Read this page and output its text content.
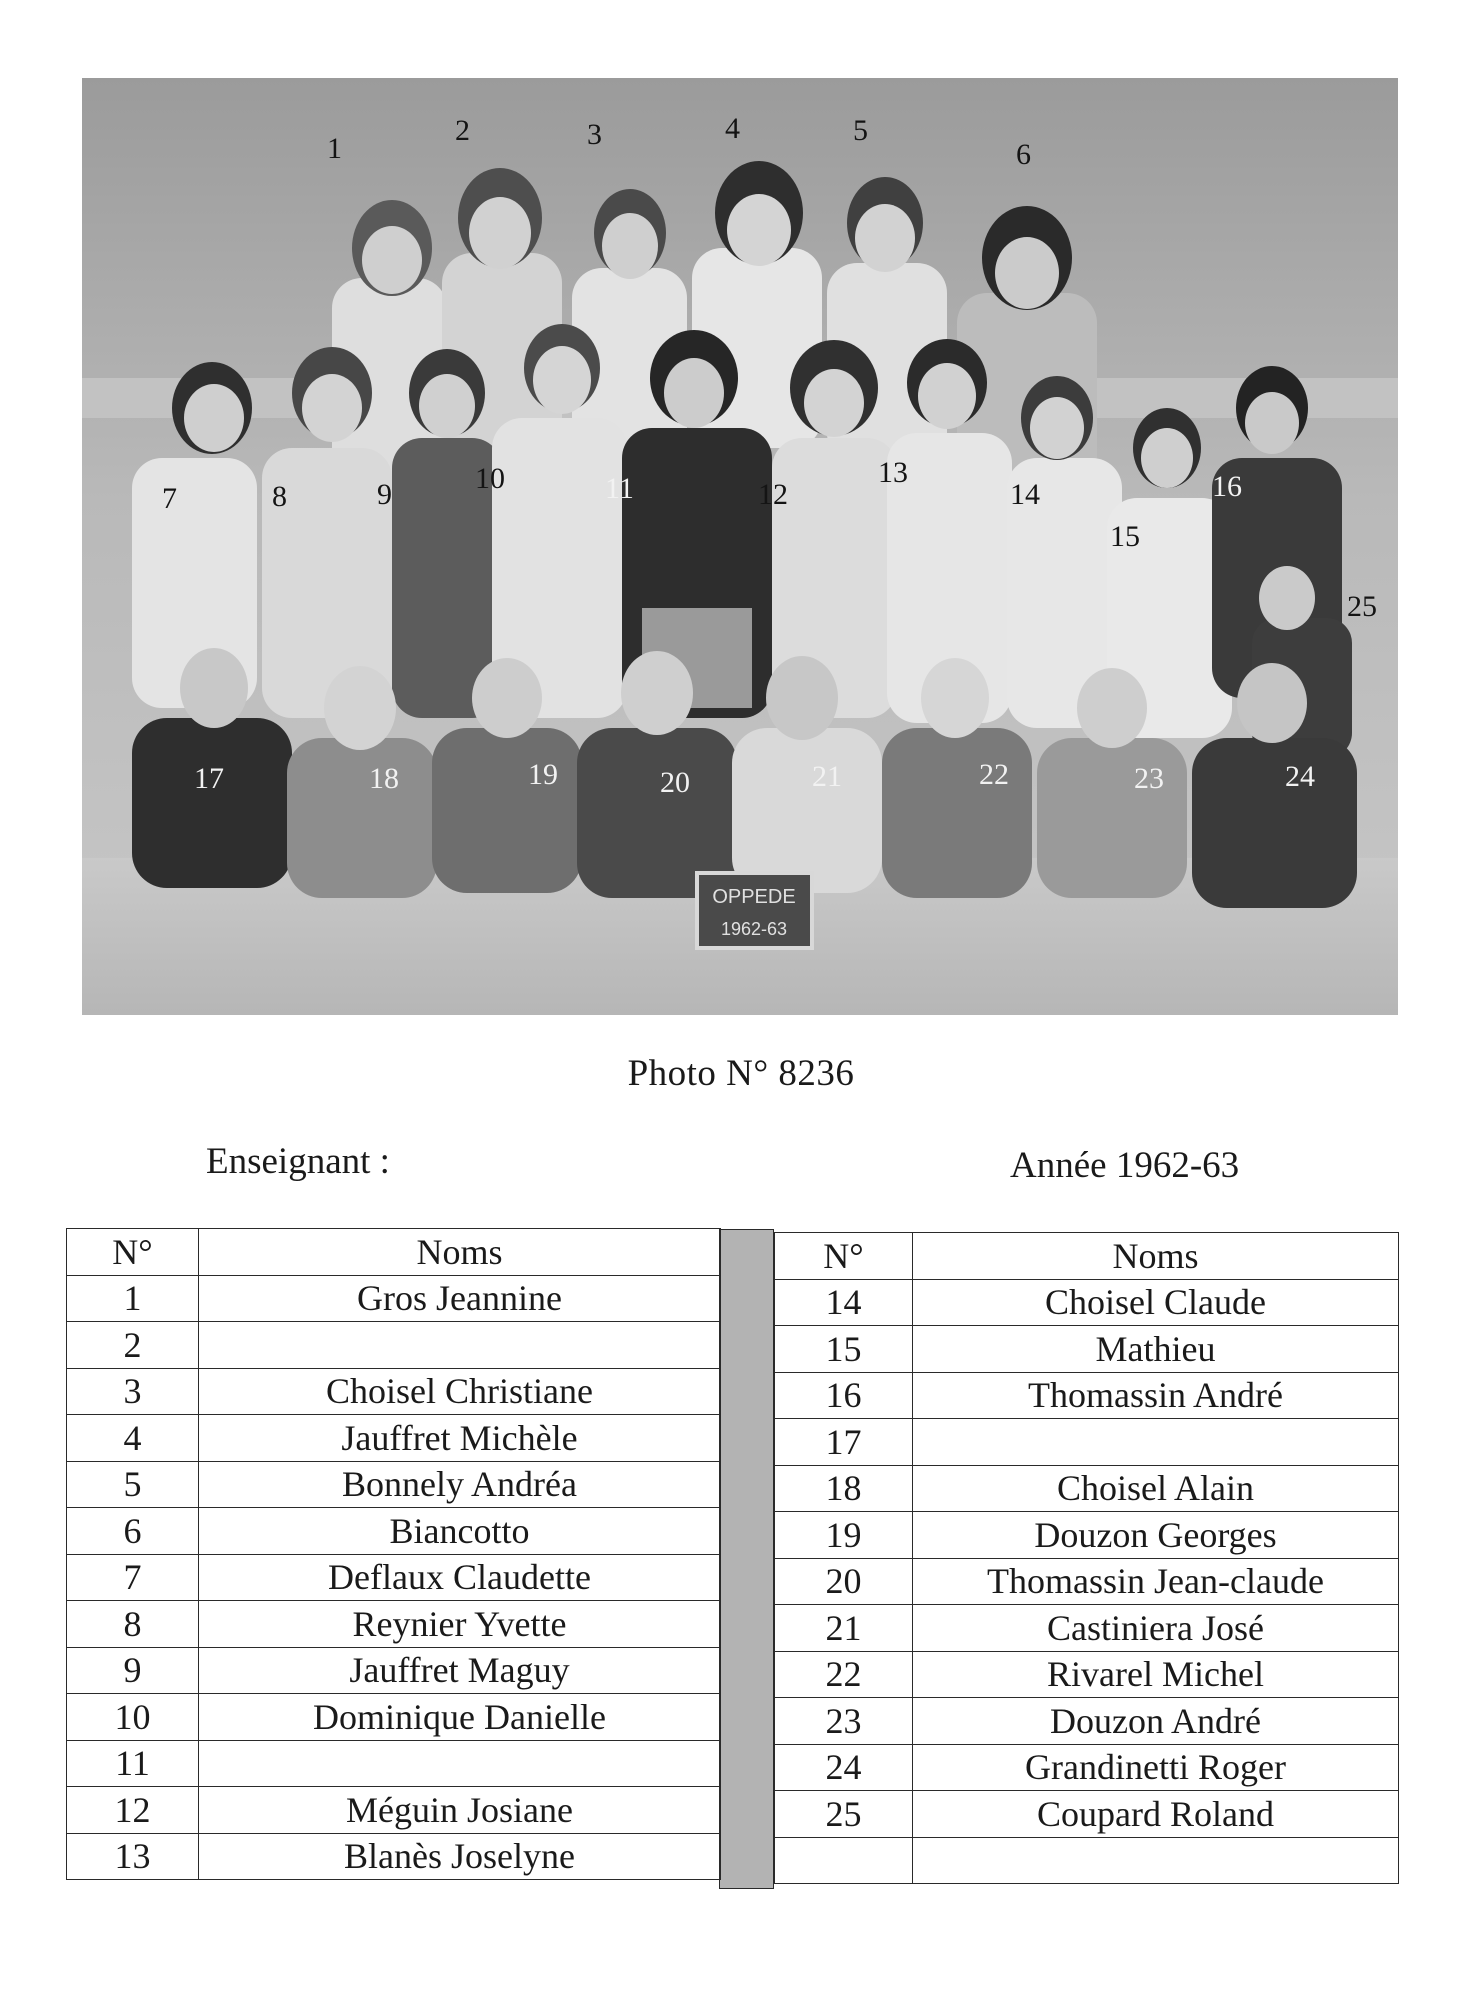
OPPEDE
1962-63
1
2	3	4	5
6
7	8	9	10	11	12
13
14
15
16
17	18	19	20	21	22	23	24
25
Photo N° 8236
Enseignant :	Année 1962-63
N°	Noms
1	Gros Jeannine
2	
3	Choisel Christiane
4	Jauffret Michèle
5	Bonnely Andréa
6	Biancotto
7	Deflaux Claudette
8	Reynier Yvette
9	Jauffret Maguy
10	Dominique Danielle
11	
12	Méguin Josiane
13	Blanès Joselyne
N°	Noms
14	Choisel Claude
15	Mathieu
16	Thomassin André
17	
18	Choisel Alain
19	Douzon Georges
20	Thomassin Jean-claude
21	Castiniera José
22	Rivarel Michel
23	Douzon André
24	Grandinetti Roger
25	Coupard Roland
